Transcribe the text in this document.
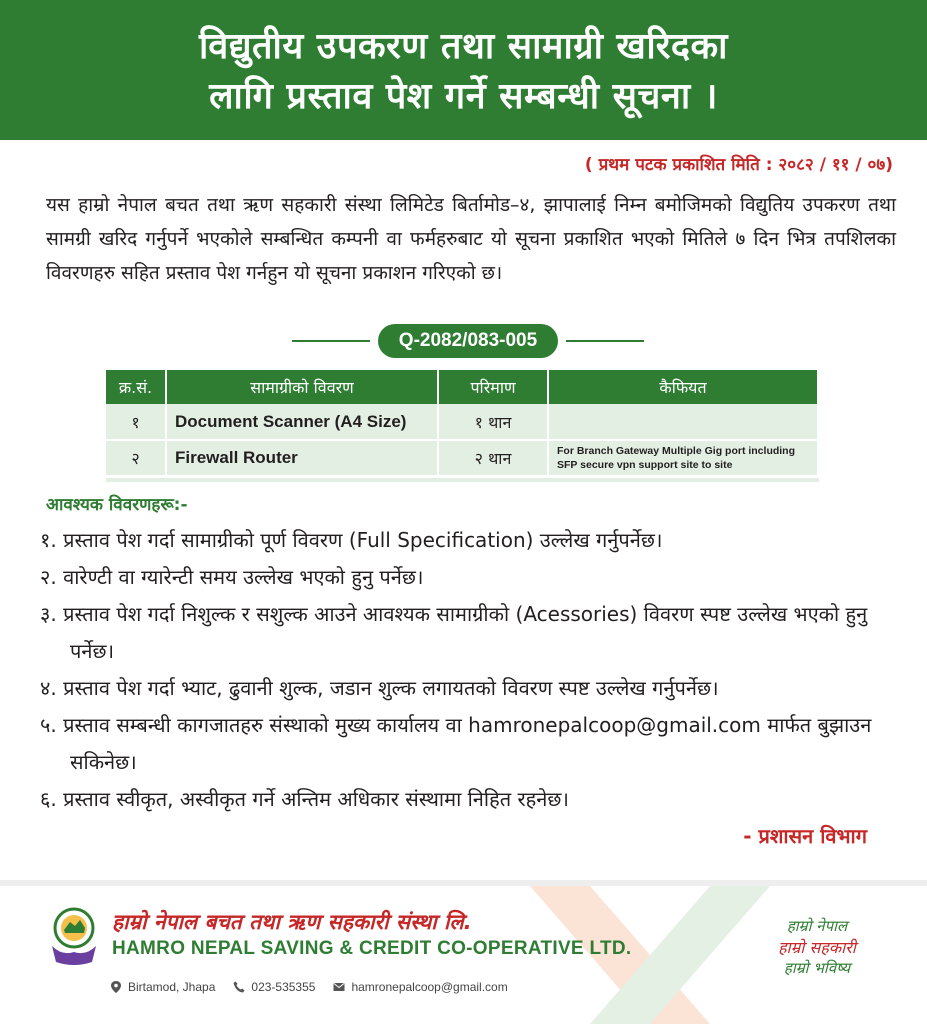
विद्युतीय उपकरण तथा सामाग्री खरिदका
लागि प्रस्ताव पेश गर्ने सम्बन्धी सूचना ।
( प्रथम पटक प्रकाशित मिति : २०८२ / ११ / ०७)

यस हाम्रो नेपाल बचत तथा ऋण सहकारी संस्था लिमिटेड बिर्तामोड–४, झापालाई निम्न बमोजिमको विद्युतिय उपकरण तथा सामग्री खरिद गर्नुपर्ने भएकोले सम्बन्धित कम्पनी वा फर्महरुबाट यो सूचना प्रकाशित भएको मितिले ७ दिन भित्र तपशिलका विवरणहरु सहित प्रस्ताव पेश गर्नहुन यो सूचना प्रकाशन गरिएको छ।

Q-2082/083-005
क्र.सं.	सामाग्रीको विवरण	परिमाण	कैफियत
१	Document Scanner (A4 Size)	१ थान	
२	Firewall Router	२ थान	For Branch Gateway Multiple Gig port including SFP secure vpn support site to site
आवश्यक विवरणहरू:-
१. प्रस्ताव पेश गर्दा सामाग्रीको पूर्ण विवरण (Full Specification) उल्लेख गर्नुपर्नेछ।
२. वारेण्टी वा ग्यारेन्टी समय उल्लेख भएको हुनु पर्नेछ।
३. प्रस्ताव पेश गर्दा निशुल्क र सशुल्क आउने आवश्यक सामाग्रीको (Acessories) विवरण स्पष्ट उल्लेख भएको हुनु पर्नेछ।
४. प्रस्ताव पेश गर्दा भ्याट, ढुवानी शुल्क, जडान शुल्क लगायतको विवरण स्पष्ट उल्लेख गर्नुपर्नेछ।
५. प्रस्ताव सम्बन्धी कागजातहरु संस्थाको मुख्य कार्यालय वा hamronepalcoop@gmail.com मार्फत बुझाउन सकिनेछ।
६. प्रस्ताव स्वीकृत, अस्वीकृत गर्ने अन्तिम अधिकार संस्थामा निहित रहनेछ।
- प्रशासन विभाग
हाम्रो नेपाल बचत तथा ऋण सहकारी संस्था लि.
HAMRO NEPAL SAVING & CREDIT CO-OPERATIVE LTD.
Birtamod, Jhapa	023-535355	hamronepalcoop@gmail.com
हाम्रो नेपाल
हाम्रो सहकारी
हाम्रो भविष्य
